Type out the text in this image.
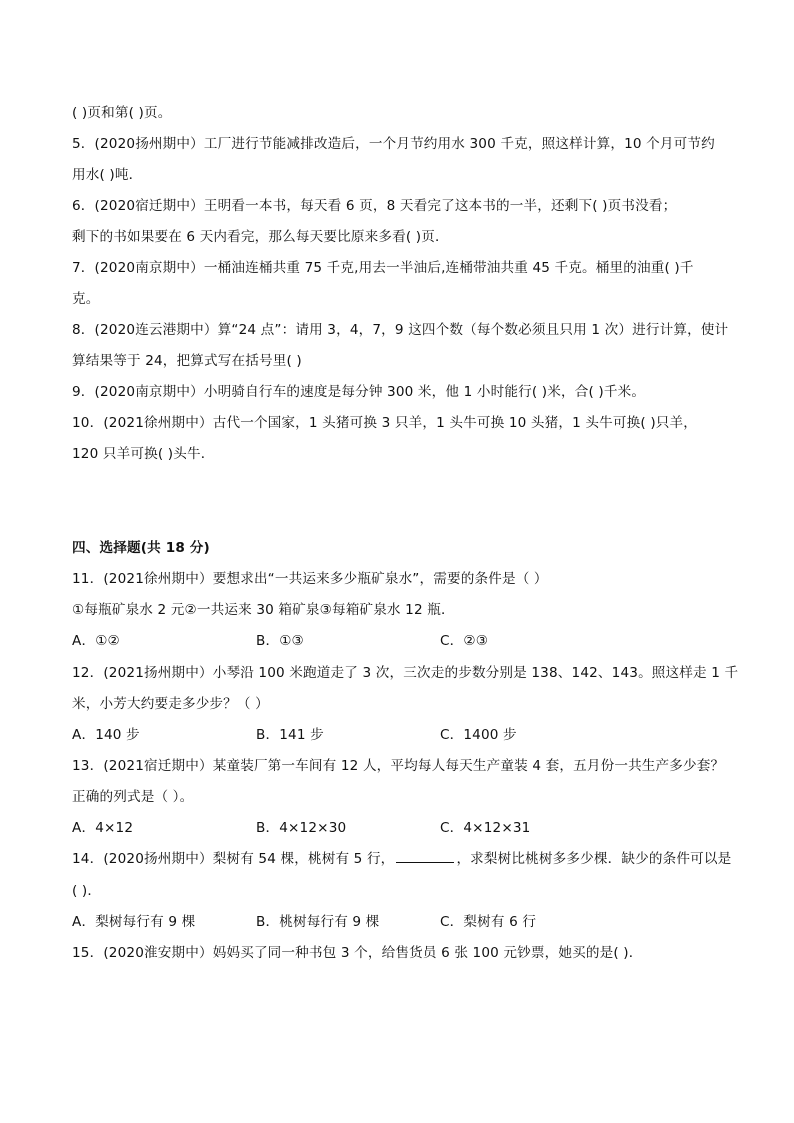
( )页和第( )页。
5．(2020扬州期中）工厂进行节能减排改造后，一个月节约用水 300 千克，照这样计算，10 个月可节约
用水( )吨．
6．(2020宿迁期中）王明看一本书，每天看 6 页，8 天看完了这本书的一半，还剩下( )页书没看；
剩下的书如果要在 6 天内看完，那么每天要比原来多看( )页．
7．(2020南京期中）一桶油连桶共重 75 千克,用去一半油后,连桶带油共重 45 千克。桶里的油重( )千
克。
8．(2020连云港期中）算“24 点”：请用 3，4，7，9 这四个数（每个数必须且只用 1 次）进行计算，使计
算结果等于 24，把算式写在括号里( )
9．(2020南京期中）小明骑自行车的速度是每分钟 300 米，他 1 小时能行( )米，合( )千米。
10．(2021徐州期中）古代一个国家，1 头猪可换 3 只羊，1 头牛可换 10 头猪，1 头牛可换( )只羊，
120 只羊可换( )头牛．
四、选择题(共 18 分)
11．(2021徐州期中）要想求出“一共运来多少瓶矿泉水”，需要的条件是（ ）
①每瓶矿泉水 2 元②一共运来 30 箱矿泉③每箱矿泉水 12 瓶．
A．①②	B．①③	C．②③
12．(2021扬州期中）小琴沿 100 米跑道走了 3 次，三次走的步数分别是 138、142、143。照这样走 1 千
米，小芳大约要走多少步？（ ）
A．140 步	B．141 步	C．1400 步
13．(2021宿迁期中）某童装厂第一车间有 12 人，平均每人每天生产童装 4 套，五月份一共生产多少套？
正确的列式是（ ）。
A．4×12	B．4×12×30	C．4×12×31
14．(2020扬州期中）梨树有 54 棵，桃树有 5 行，	，求梨树比桃树多多少棵．缺少的条件可以是
( )．
A．梨树每行有 9 棵	B．桃树每行有 9 棵	C．梨树有 6 行
15．(2020淮安期中）妈妈买了同一种书包 3 个，给售货员 6 张 100 元钞票，她买的是( )．
